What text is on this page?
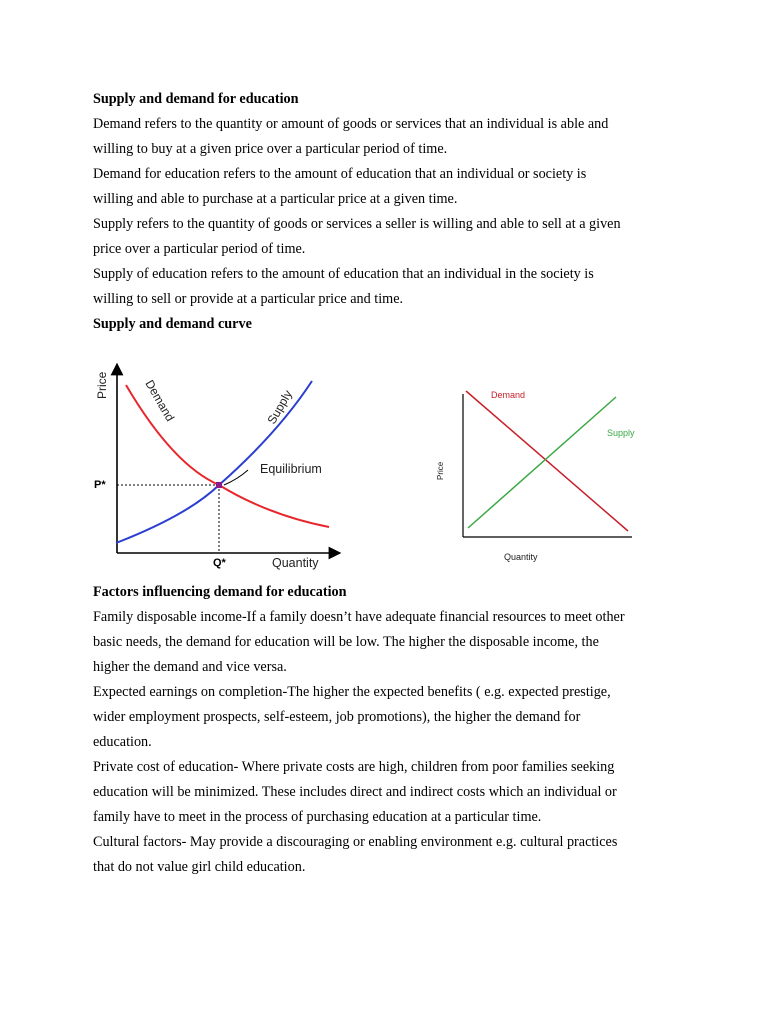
Supply and demand for education

Demand refers to the quantity or amount of goods or services that an individual is able and

willing to buy at a given price over a particular period of time.

Demand for education refers to the amount of education that an individual or society is

willing and able to purchase at a particular price at a given time.

Supply refers to the quantity of goods or services a seller is willing and able to sell at a given

price over a particular period of time.

Supply of education refers to the amount of education that an individual in the society is

willing to sell or provide at a particular price and time.

Supply and demand curve
Price
Quantity
Equilibrium
P*
Q*
Demand	Supply	Demand
Supply
Price
Quantity
Factors influencing demand for education

Family disposable income-If a family doesn’t have adequate financial resources to meet other

basic needs, the demand for education will be low. The higher the disposable income, the

higher the demand and vice versa.

Expected earnings on completion-The higher the expected benefits ( e.g. expected prestige,

wider employment prospects, self-esteem, job promotions), the higher the demand for

education.

Private cost of education- Where private costs are high, children from poor families seeking

education will be minimized. These includes direct and indirect costs which an individual or

family have to meet in the process of purchasing education at a particular time.

Cultural factors- May provide a discouraging or enabling environment e.g. cultural practices

that do not value girl child education.
